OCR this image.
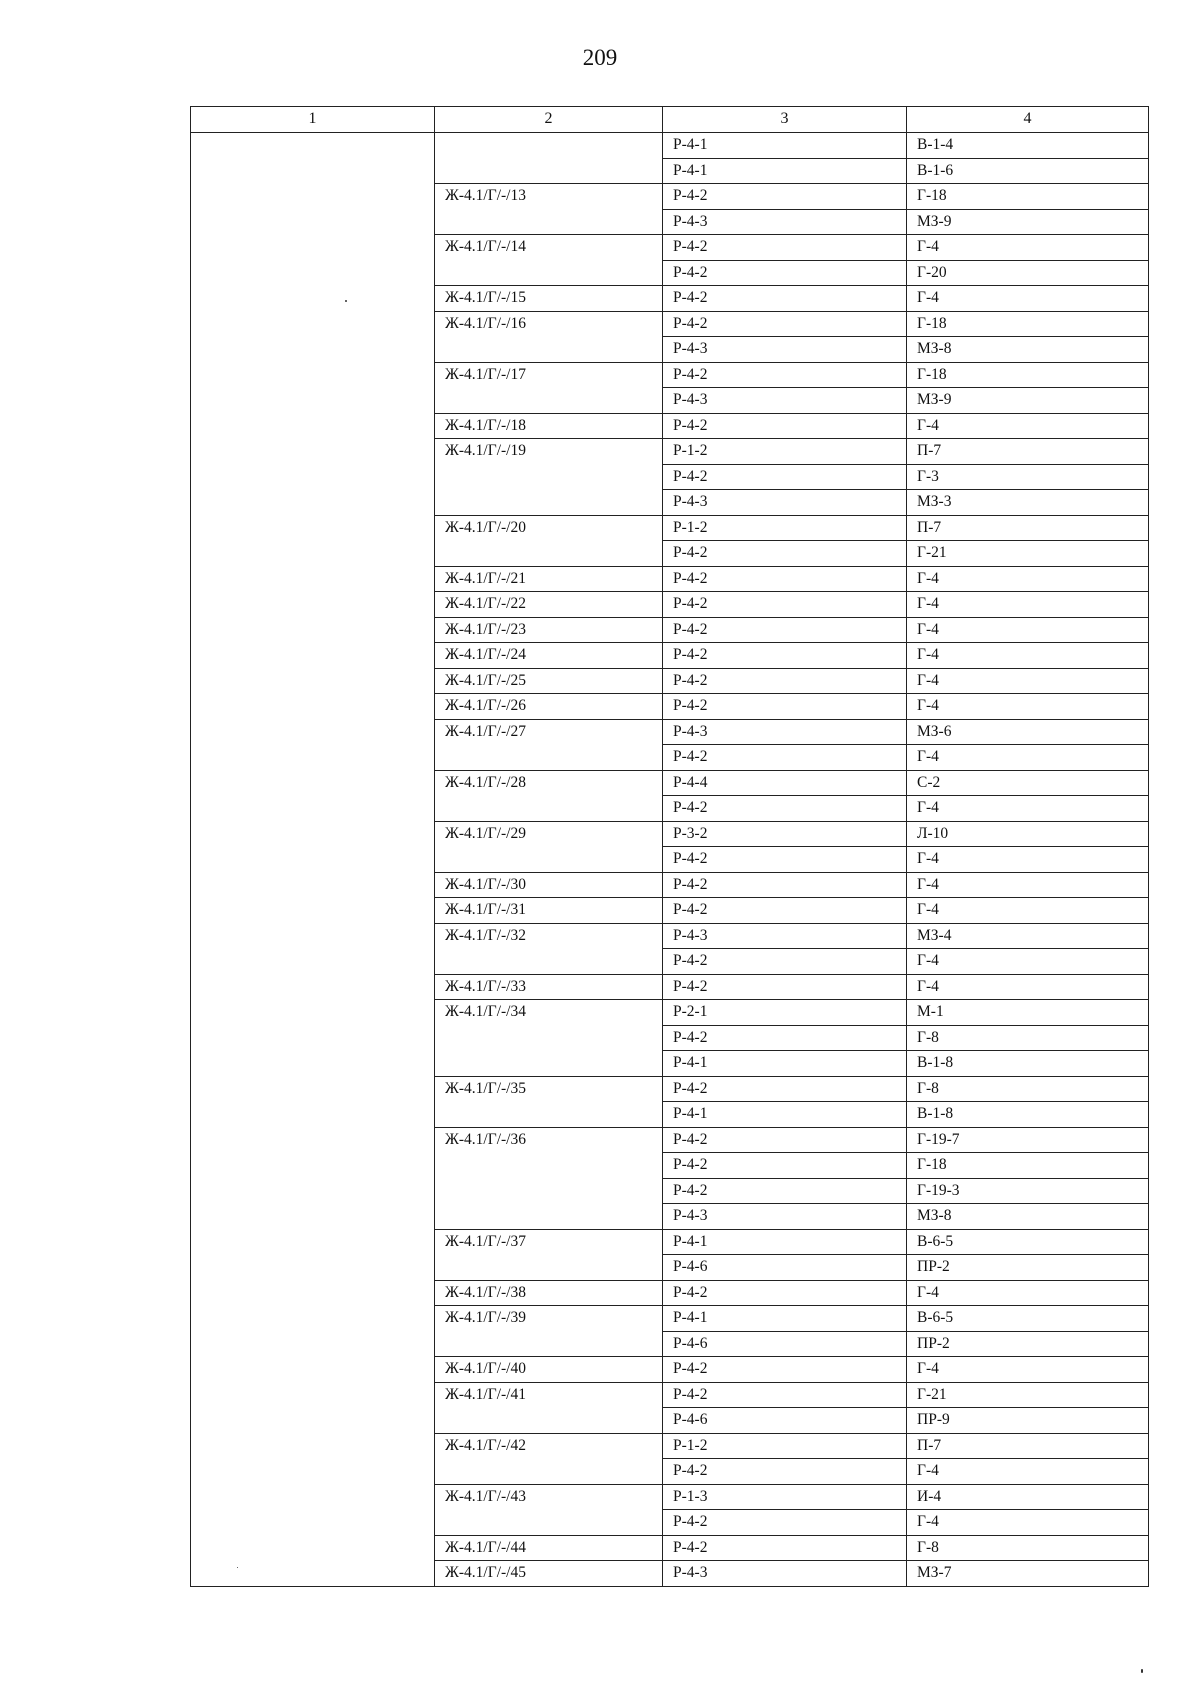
209
1	2	3	4
		Р-4-1	В-1-4
		Р-4-1	В-1-6
	Ж-4.1/Г/-/13	Р-4-2	Г-18
		Р-4-3	МЗ-9
	Ж-4.1/Г/-/14	Р-4-2	Г-4
		Р-4-2	Г-20
	Ж-4.1/Г/-/15	Р-4-2	Г-4
	Ж-4.1/Г/-/16	Р-4-2	Г-18
		Р-4-3	МЗ-8
	Ж-4.1/Г/-/17	Р-4-2	Г-18
		Р-4-3	МЗ-9
	Ж-4.1/Г/-/18	Р-4-2	Г-4
	Ж-4.1/Г/-/19	Р-1-2	П-7
		Р-4-2	Г-3
		Р-4-3	МЗ-3
	Ж-4.1/Г/-/20	Р-1-2	П-7
		Р-4-2	Г-21
	Ж-4.1/Г/-/21	Р-4-2	Г-4
	Ж-4.1/Г/-/22	Р-4-2	Г-4
	Ж-4.1/Г/-/23	Р-4-2	Г-4
	Ж-4.1/Г/-/24	Р-4-2	Г-4
	Ж-4.1/Г/-/25	Р-4-2	Г-4
	Ж-4.1/Г/-/26	Р-4-2	Г-4
	Ж-4.1/Г/-/27	Р-4-3	МЗ-6
		Р-4-2	Г-4
	Ж-4.1/Г/-/28	Р-4-4	С-2
		Р-4-2	Г-4
	Ж-4.1/Г/-/29	Р-3-2	Л-10
		Р-4-2	Г-4
	Ж-4.1/Г/-/30	Р-4-2	Г-4
	Ж-4.1/Г/-/31	Р-4-2	Г-4
	Ж-4.1/Г/-/32	Р-4-3	МЗ-4
		Р-4-2	Г-4
	Ж-4.1/Г/-/33	Р-4-2	Г-4
	Ж-4.1/Г/-/34	Р-2-1	М-1
		Р-4-2	Г-8
		Р-4-1	В-1-8
	Ж-4.1/Г/-/35	Р-4-2	Г-8
		Р-4-1	В-1-8
	Ж-4.1/Г/-/36	Р-4-2	Г-19-7
		Р-4-2	Г-18
		Р-4-2	Г-19-3
		Р-4-3	МЗ-8
	Ж-4.1/Г/-/37	Р-4-1	В-6-5
		Р-4-6	ПР-2
	Ж-4.1/Г/-/38	Р-4-2	Г-4
	Ж-4.1/Г/-/39	Р-4-1	В-6-5
		Р-4-6	ПР-2
	Ж-4.1/Г/-/40	Р-4-2	Г-4
	Ж-4.1/Г/-/41	Р-4-2	Г-21
		Р-4-6	ПР-9
	Ж-4.1/Г/-/42	Р-1-2	П-7
		Р-4-2	Г-4
	Ж-4.1/Г/-/43	Р-1-3	И-4
		Р-4-2	Г-4
	Ж-4.1/Г/-/44	Р-4-2	Г-8
	Ж-4.1/Г/-/45	Р-4-3	МЗ-7
